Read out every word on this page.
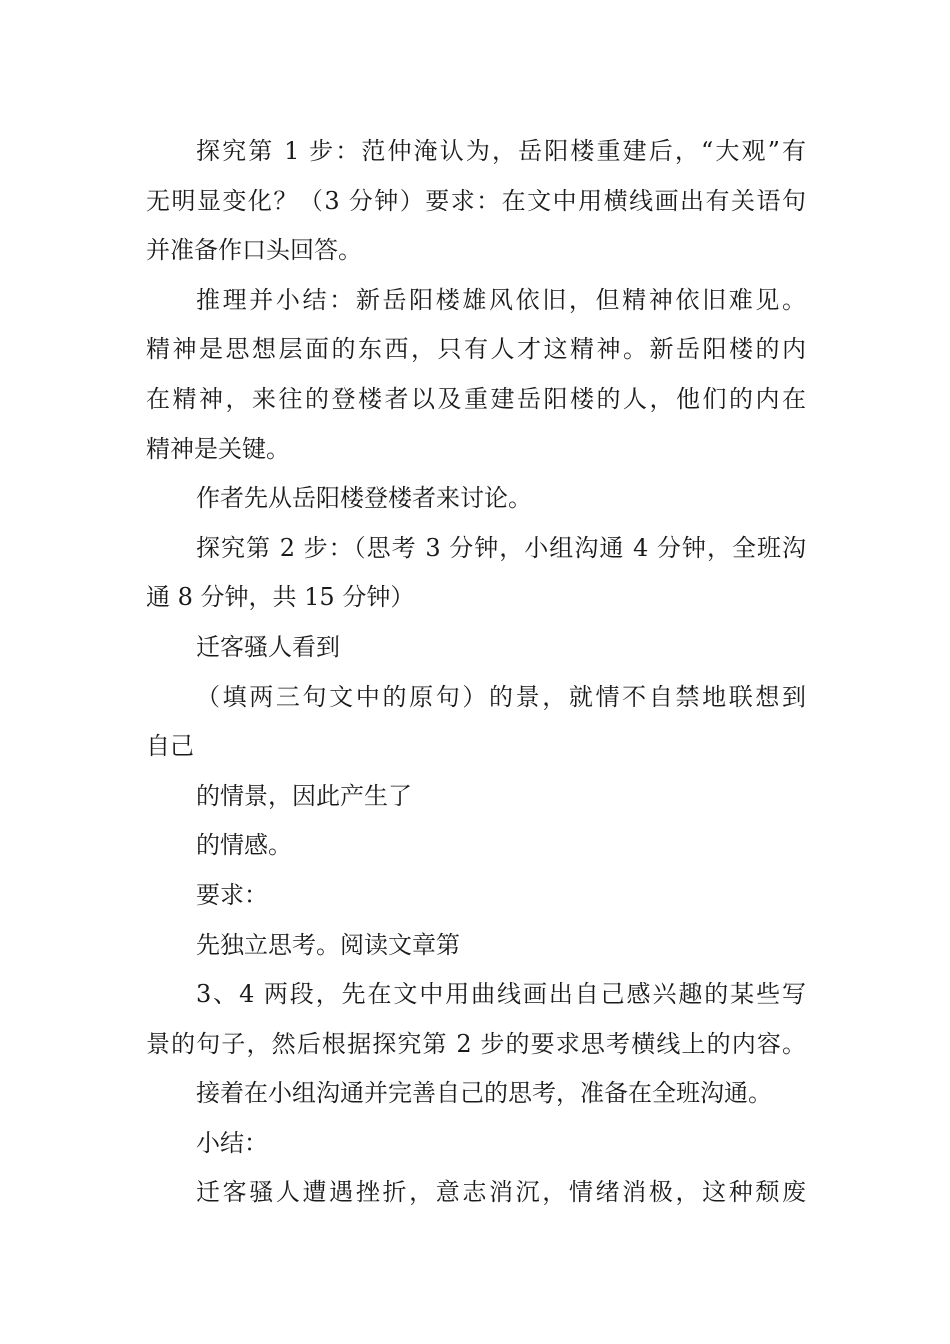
探究第 1 步：范仲淹认为，岳阳楼重建后，“大观”有
无明显变化？（3 分钟）要求：在文中用横线画出有关语句
并准备作口头回答。
推理并小结：新岳阳楼雄风依旧，但精神依旧难见。
精神是思想层面的东西，只有人才这精神。新岳阳楼的内
在精神，来往的登楼者以及重建岳阳楼的人，他们的内在
精神是关键。
作者先从岳阳楼登楼者来讨论。
探究第 2 步：（思考 3 分钟，小组沟通 4 分钟，全班沟
通 8 分钟，共 15 分钟）
迁客骚人看到
（填两三句文中的原句）的景，就情不自禁地联想到
自己
的情景，因此产生了
的情感。
要求：
先独立思考。阅读文章第
3、4 两段，先在文中用曲线画出自己感兴趣的某些写
景的句子，然后根据探究第 2 步的要求思考横线上的内容。
接着在小组沟通并完善自己的思考，准备在全班沟通。
小结：
迁客骚人遭遇挫折，意志消沉，情绪消极，这种颓废
